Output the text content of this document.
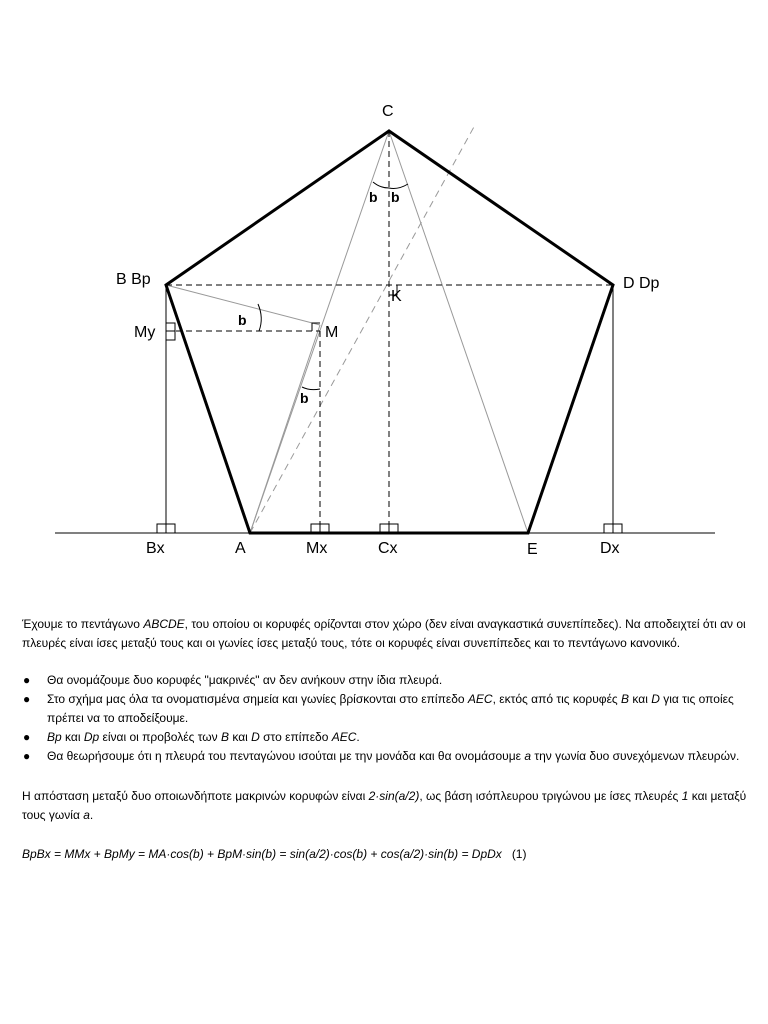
C
B Bp	D Dp
K
My	M
A	E
Bx	Mx	Cx	Dx
b b
b
b

Έχουμε το πεντάγωνο ABCDE, του οποίου οι κορυφές ορίζονται στον χώρο (δεν είναι αναγκαστικά συνεπίπεδες). Να αποδειχτεί ότι αν οι πλευρές είναι ίσες μεταξύ τους και οι γωνίες ίσες μεταξύ τους, τότε οι κορυφές είναι συνεπίπεδες και το πεντάγωνο κανονικό.

● Θα ονομάζουμε δυο κορυφές "μακρινές" αν δεν ανήκουν στην ίδια πλευρά.
● Στο σχήμα μας όλα τα ονοματισμένα σημεία και γωνίες βρίσκονται στο επίπεδο AEC, εκτός από τις κορυφές B και D για τις οποίες πρέπει να το αποδείξουμε.
● Bp και Dp είναι οι προβολές των B και D στο επίπεδο AEC.
● Θα θεωρήσουμε ότι η πλευρά του πενταγώνου ισούται με την μονάδα και θα ονομάσουμε a την γωνία δυο συνεχόμενων πλευρών.

Η απόσταση μεταξύ δυο οποιωνδήποτε μακρινών κορυφών είναι 2·sin(a/2), ως βάση ισόπλευρου τριγώνου με ίσες πλευρές 1 και μεταξύ τους γωνία a.

BpBx = MMx + BpMy = MA·cos(b) + BpM·sin(b) = sin(a/2)·cos(b) + cos(a/2)·sin(b) = DpDx (1)
